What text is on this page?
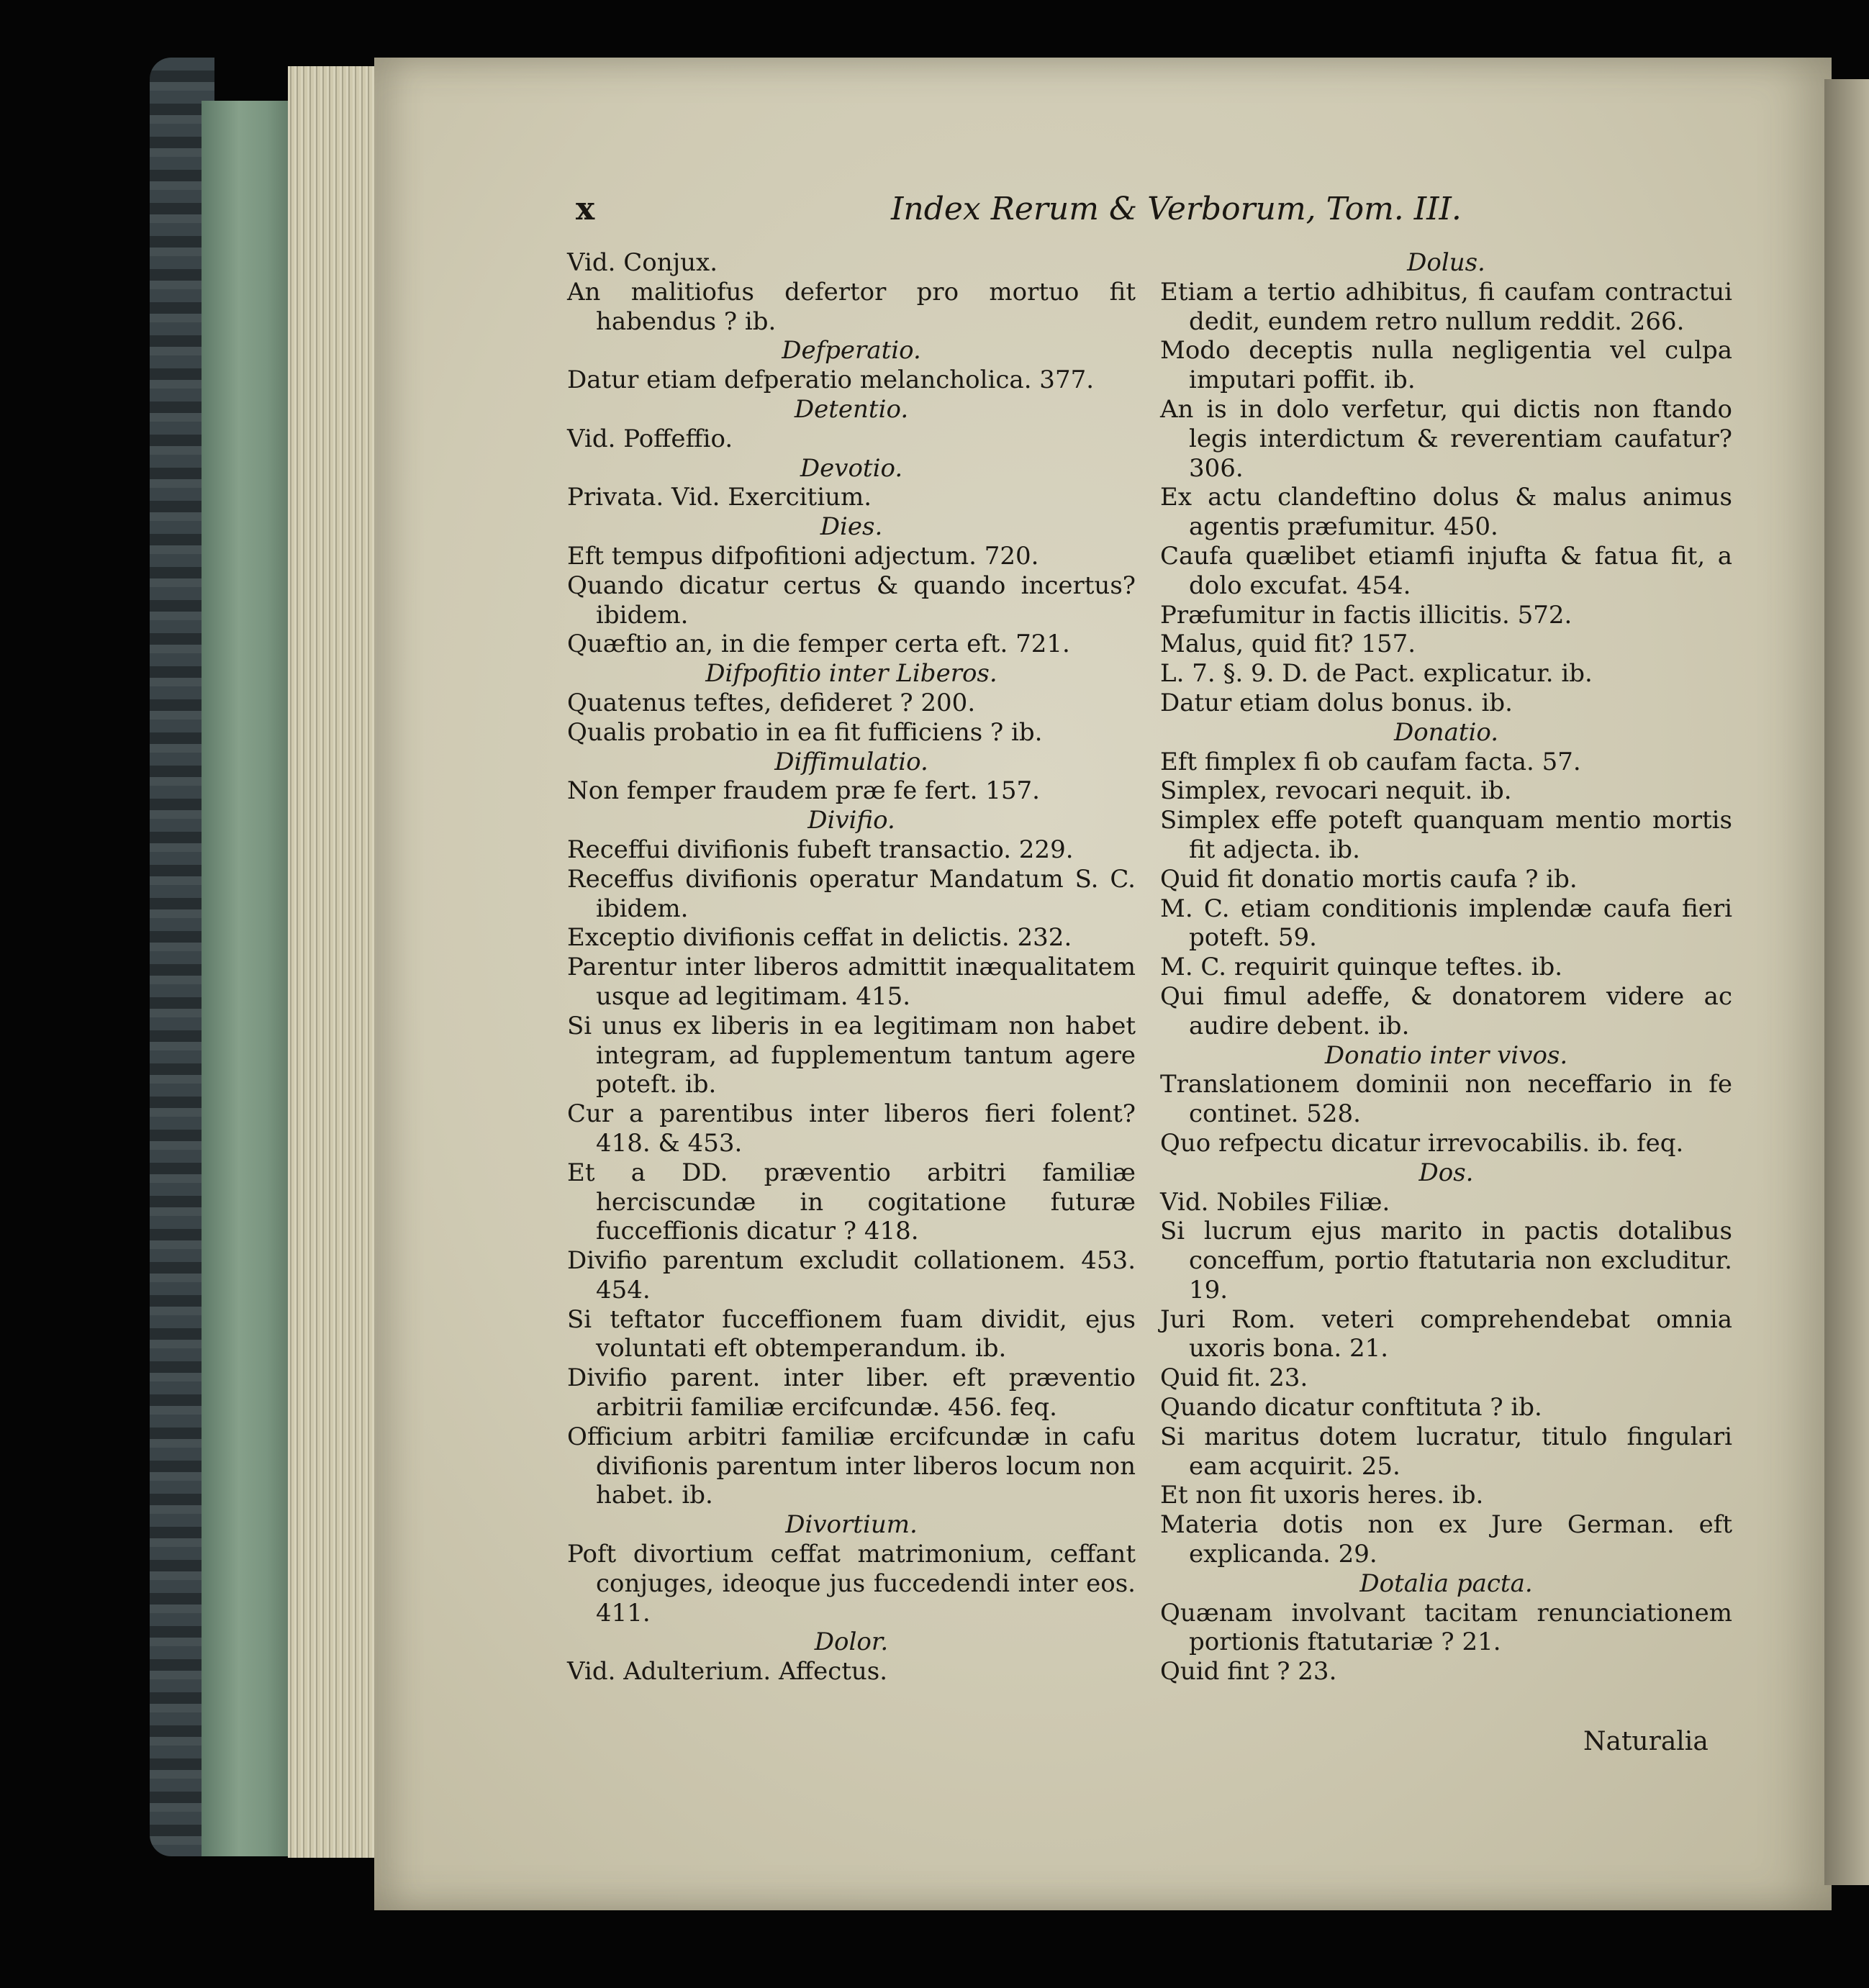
x	Index Rerum & Verborum, Tom. III.
Vid. Conjux.
An malitiofus defertor pro mortuo fit habendus ? ib.
Defperatio.
Datur etiam defperatio melancholica. 377.
Detentio.
Vid. Poffeffio.
Devotio.
Privata. Vid. Exercitium.
Dies.
Eft tempus difpofitioni adjectum. 720.
Quando dicatur certus & quando incertus? ibidem.
Quæftio an, in die femper certa eft. 721.
Difpofitio inter Liberos.
Quatenus teftes, defideret ? 200.
Qualis probatio in ea fit fufficiens ? ib.
Diffimulatio.
Non femper fraudem præ fe fert. 157.
Divifio.
Receffui divifionis fubeft transactio. 229.
Receffus divifionis operatur Mandatum S. C. ibidem.
Exceptio divifionis ceffat in delictis. 232.
Parentur inter liberos admittit inæqualitatem usque ad legitimam. 415.
Si unus ex liberis in ea legitimam non habet integram, ad fupplementum tantum agere poteft. ib.
Cur a parentibus inter liberos fieri folent? 418. & 453.
Et a DD. præventio arbitri familiæ herciscundæ in cogitatione futuræ fucceffionis dicatur ? 418.
Divifio parentum excludit collationem. 453. 454.
Si teftator fucceffionem fuam dividit, ejus voluntati eft obtemperandum. ib.
Divifio parent. inter liber. eft præventio arbitrii familiæ ercifcundæ. 456. feq.
Officium arbitri familiæ ercifcundæ in cafu divifionis parentum inter liberos locum non habet. ib.
Divortium.
Poft divortium ceffat matrimonium, ceffant conjuges, ideoque jus fuccedendi inter eos. 411.
Dolor.
Vid. Adulterium. Affectus.
Dolus.
Etiam a tertio adhibitus, fi caufam contractui dedit, eundem retro nullum reddit. 266.
Modo deceptis nulla negligentia vel culpa imputari poffit. ib.
An is in dolo verfetur, qui dictis non ftando legis interdictum & reverentiam caufatur? 306.
Ex actu clandeftino dolus & malus animus agentis præfumitur. 450.
Caufa quælibet etiamfi injufta & fatua fit, a dolo excufat. 454.
Præfumitur in factis illicitis. 572.
Malus, quid fit? 157.
L. 7. §. 9. D. de Pact. explicatur. ib.
Datur etiam dolus bonus. ib.
Donatio.
Eft fimplex fi ob caufam facta. 57.
Simplex, revocari nequit. ib.
Simplex effe poteft quanquam mentio mortis fit adjecta. ib.
Quid fit donatio mortis caufa ? ib.
M. C. etiam conditionis implendæ caufa fieri poteft. 59.
M. C. requirit quinque teftes. ib.
Qui fimul adeffe, & donatorem videre ac audire debent. ib.
Donatio inter vivos.
Translationem dominii non neceffario in fe continet. 528.
Quo refpectu dicatur irrevocabilis. ib. feq.
Dos.
Vid. Nobiles Filiæ.
Si lucrum ejus marito in pactis dotalibus conceffum, portio ftatutaria non excluditur. 19.
Juri Rom. veteri comprehendebat omnia uxoris bona. 21.
Quid fit. 23.
Quando dicatur conftituta ? ib.
Si maritus dotem lucratur, titulo fingulari eam acquirit. 25.
Et non fit uxoris heres. ib.
Materia dotis non ex Jure German. eft explicanda. 29.
Dotalia pacta.
Quænam involvant tacitam renunciationem portionis ftatutariæ ? 21.
Quid fint ? 23.
Naturalia
